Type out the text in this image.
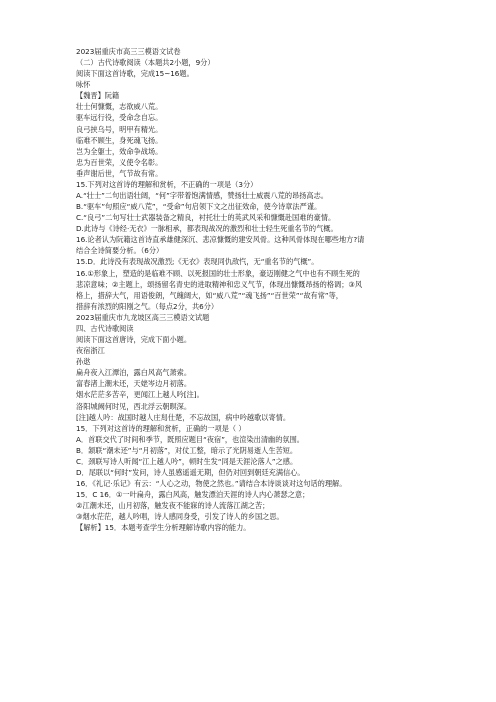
2023届重庆市高三三模语文试卷
（二）古代诗歌阅读（本题共2小题，9分）
阅读下面这首诗歌，完成15~16题。
咏怀
【魏晋】阮籍
壮士何慷慨，志欲威八荒。
驱车远行役，受命念自忘。
良弓挟乌号，明甲有精光。
临难不顾生，身死魂飞扬。
岂为全躯士，效命争战场。
忠为百世荣，义使令名彰。
垂声谢后世，气节故有常。
15.下列对这首诗的理解和赏析，不正确的一项是（3分）
A.“壮士”二句出语壮阔，“何”字带着饱满情感，赞扬壮士威震八荒的昂扬高志。
B.“驱车”句照应“威八荒”，“受命”句启领下文之出征效命，使今诗章法严谨。
C.“良弓”二句写壮士武器装备之精良，衬托壮士的英武风采和慷慨赴国难的豪情。
D.此诗与《诗经·无衣》一脉相承，都表现战况的激烈和壮士轻生死重名节的气概。
16.论者认为阮籍这首诗直承雄健深沉、悲凉慷慨的建安风骨。这种风骨体现在哪些地方?请
结合全诗简要分析。（6分）
15.D．此诗没有表现战况激烈;《无衣》表现同仇敌忾，无“重名节的气概”。
16.①形象上，塑造的是临难不顾、以死报国的壮士形象，豪迈刚健之气中也有不顾生死的
悲凉意味；②主题上，颂扬留名青史的进取精神和忠义气节，体现出慷慨昂扬的格调；③风
格上，措辞大气，用语俊朗，气魄阔大，如“威八荒”“魂飞扬”“百世荣”“故有常”等，
措辞有浓烈的阳刚之气。（每点2分，共6分）
2023届重庆市九龙坡区高三三模语文试题
四、古代诗歌阅读
阅读下面这首唐诗，完成下面小题。
夜宿浙江
孙逖
扁舟夜入江潭泊，露白风高气萧索。
富春渚上潮未还，天姥岑边月初落。
烟水茫茫多苦辛，更闻江上越人吟[注]。
洛阳城阙何时见，西北浮云朝暝深。
[注]越人吟：战国时越人庄舄仕楚，不忘故国，病中吟越歌以寄情。
15．下列对这首诗的理解和赏析，正确的一项是（ ）
A．首联交代了时间和季节，既照应题目“夜宿”，也渲染出清幽的氛围。
B．颔联“潮未还”与“月初落”，对仗工整，暗示了光阴易逝人生苦短。
C．颈联写诗人听闻“江上越人吟”，顿时生发“同是天涯沦落人”之感。
D．尾联以“何时”发问，诗人虽感遥遥无期，但仍对回到朝廷充满信心。
16．《礼记·乐记》有云：“人心之动，物使之然也。”请结合本诗谈谈对这句话的理解。
15．C 16．①一叶扁舟，露白风高，触发漂泊天涯的诗人内心萧瑟之意；
②江潮未还，山月初落，触发夜不能寐的诗人流落江湖之苦；
③烟水茫茫，越人吟唱，诗人感同身受，引发了诗人的乡国之思。
【解析】15．本题考查学生分析理解诗歌内容的能力。
